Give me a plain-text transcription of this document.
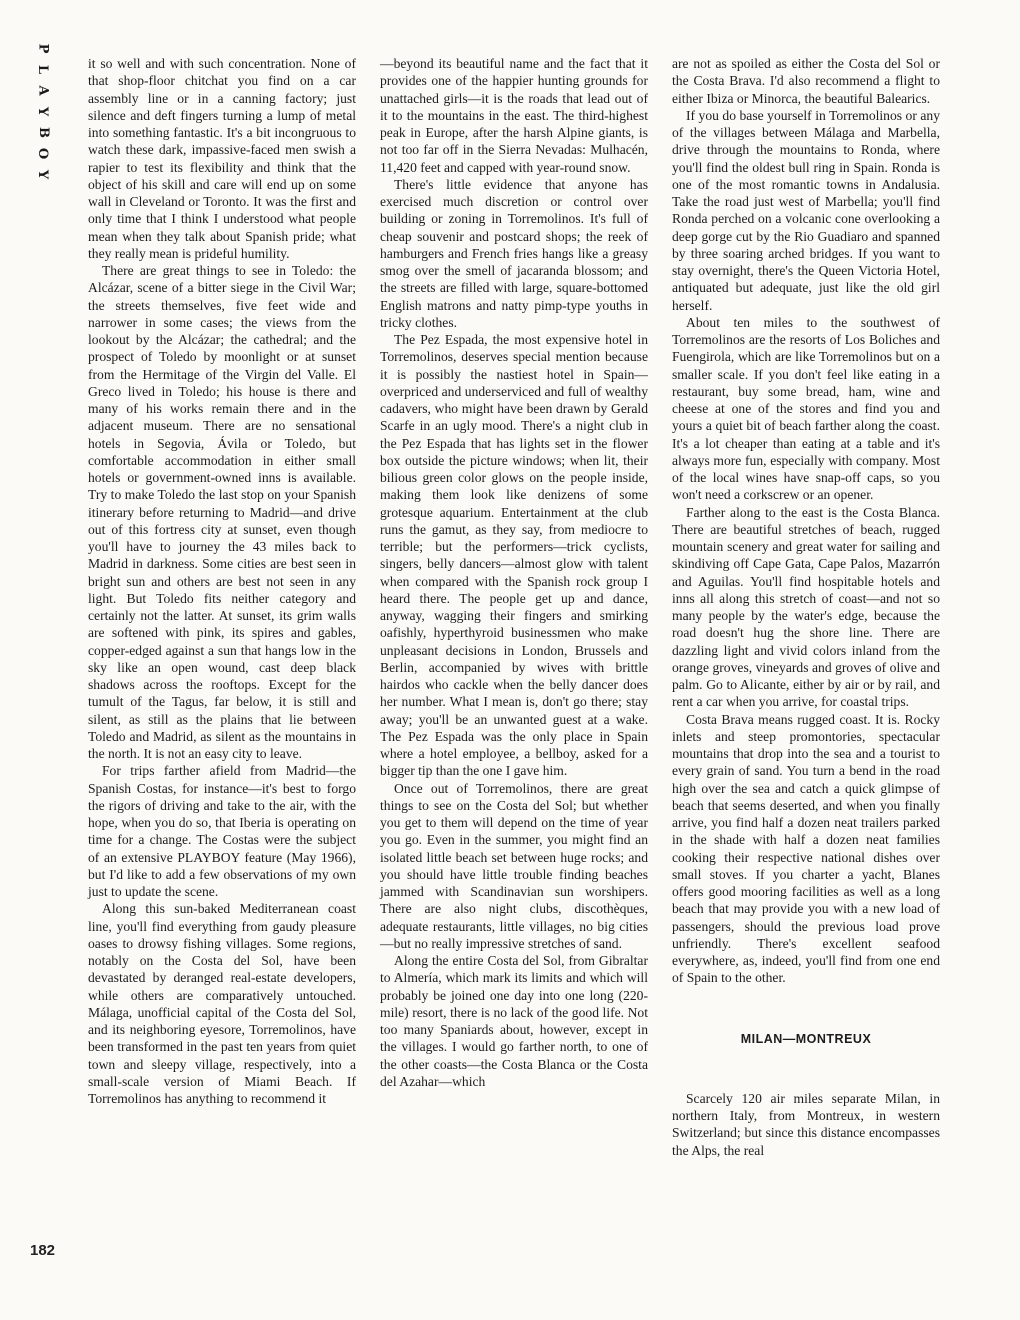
P
L
A
Y
B
O
Y
182

it so well and with such concentration. None of that shop-floor chitchat you find on a car assembly line or in a canning factory; just silence and deft fingers turning a lump of metal into something fantastic. It's a bit incongruous to watch these dark, impassive-faced men swish a rapier to test its flexibility and think that the object of his skill and care will end up on some wall in Cleveland or Toronto. It was the first and only time that I think I understood what people mean when they talk about Spanish pride; what they really mean is prideful humility.

There are great things to see in Toledo: the Alcázar, scene of a bitter siege in the Civil War; the streets themselves, five feet wide and narrower in some cases; the views from the lookout by the Alcázar; the cathedral; and the prospect of Toledo by moonlight or at sunset from the Hermitage of the Virgin del Valle. El Greco lived in Toledo; his house is there and many of his works remain there and in the adjacent museum. There are no sensational hotels in Segovia, Ávila or Toledo, but comfortable accommodation in either small hotels or government-owned inns is available. Try to make Toledo the last stop on your Spanish itinerary before returning to Madrid—and drive out of this fortress city at sunset, even though you'll have to journey the 43 miles back to Madrid in darkness. Some cities are best seen in bright sun and others are best not seen in any light. But Toledo fits neither category and certainly not the latter. At sunset, its grim walls are softened with pink, its spires and gables, copper-edged against a sun that hangs low in the sky like an open wound, cast deep black shadows across the rooftops. Except for the tumult of the Tagus, far below, it is still and silent, as still as the plains that lie between Toledo and Madrid, as silent as the mountains in the north. It is not an easy city to leave.

For trips farther afield from Madrid—the Spanish Costas, for instance—it's best to forgo the rigors of driving and take to the air, with the hope, when you do so, that Iberia is operating on time for a change. The Costas were the subject of an extensive PLAYBOY feature (May 1966), but I'd like to add a few observations of my own just to update the scene.

Along this sun-baked Mediterranean coast line, you'll find everything from gaudy pleasure oases to drowsy fishing villages. Some regions, notably on the Costa del Sol, have been devastated by deranged real-estate developers, while others are comparatively untouched. Málaga, unofficial capital of the Costa del Sol, and its neighboring eyesore, Torremolinos, have been transformed in the past ten years from quiet town and sleepy village, respectively, into a small-scale version of Miami Beach. If Torremolinos has anything to recommend it

—beyond its beautiful name and the fact that it provides one of the happier hunting grounds for unattached girls—it is the roads that lead out of it to the mountains in the east. The third-highest peak in Europe, after the harsh Alpine giants, is not too far off in the Sierra Nevadas: Mulhacén, 11,420 feet and capped with year-round snow.

There's little evidence that anyone has exercised much discretion or control over building or zoning in Torremolinos. It's full of cheap souvenir and postcard shops; the reek of hamburgers and French fries hangs like a greasy smog over the smell of jacaranda blossom; and the streets are filled with large, square-bottomed English matrons and natty pimp-type youths in tricky clothes.

The Pez Espada, the most expensive hotel in Torremolinos, deserves special mention because it is possibly the nastiest hotel in Spain—overpriced and underserviced and full of wealthy cadavers, who might have been drawn by Gerald Scarfe in an ugly mood. There's a night club in the Pez Espada that has lights set in the flower box outside the picture windows; when lit, their bilious green color glows on the people inside, making them look like denizens of some grotesque aquarium. Entertainment at the club runs the gamut, as they say, from mediocre to terrible; but the performers—trick cyclists, singers, belly dancers—almost glow with talent when compared with the Spanish rock group I heard there. The people get up and dance, anyway, wagging their fingers and smirking oafishly, hyperthyroid businessmen who make unpleasant decisions in London, Brussels and Berlin, accompanied by wives with brittle hairdos who cackle when the belly dancer does her number. What I mean is, don't go there; stay away; you'll be an unwanted guest at a wake. The Pez Espada was the only place in Spain where a hotel employee, a bellboy, asked for a bigger tip than the one I gave him.

Once out of Torremolinos, there are great things to see on the Costa del Sol; but whether you get to them will depend on the time of year you go. Even in the summer, you might find an isolated little beach set between huge rocks; and you should have little trouble finding beaches jammed with Scandinavian sun worshipers. There are also night clubs, discothèques, adequate restaurants, little villages, no big cities—but no really impressive stretches of sand.

Along the entire Costa del Sol, from Gibraltar to Almería, which mark its limits and which will probably be joined one day into one long (220-mile) resort, there is no lack of the good life. Not too many Spaniards about, however, except in the villages. I would go farther north, to one of the other coasts—the Costa Blanca or the Costa del Azahar—which

are not as spoiled as either the Costa del Sol or the Costa Brava. I'd also recommend a flight to either Ibiza or Minorca, the beautiful Balearics.

If you do base yourself in Torremolinos or any of the villages between Málaga and Marbella, drive through the mountains to Ronda, where you'll find the oldest bull ring in Spain. Ronda is one of the most romantic towns in Andalusia. Take the road just west of Marbella; you'll find Ronda perched on a volcanic cone overlooking a deep gorge cut by the Rio Guadiaro and spanned by three soaring arched bridges. If you want to stay overnight, there's the Queen Victoria Hotel, antiquated but adequate, just like the old girl herself.

About ten miles to the southwest of Torremolinos are the resorts of Los Boliches and Fuengirola, which are like Torremolinos but on a smaller scale. If you don't feel like eating in a restaurant, buy some bread, ham, wine and cheese at one of the stores and find you and yours a quiet bit of beach farther along the coast. It's a lot cheaper than eating at a table and it's always more fun, especially with company. Most of the local wines have snap-off caps, so you won't need a corkscrew or an opener.

Farther along to the east is the Costa Blanca. There are beautiful stretches of beach, rugged mountain scenery and great water for sailing and skindiving off Cape Gata, Cape Palos, Mazarrón and Aguilas. You'll find hospitable hotels and inns all along this stretch of coast—and not so many people by the water's edge, because the road doesn't hug the shore line. There are dazzling light and vivid colors inland from the orange groves, vineyards and groves of olive and palm. Go to Alicante, either by air or by rail, and rent a car when you arrive, for coastal trips.

Costa Brava means rugged coast. It is. Rocky inlets and steep promontories, spectacular mountains that drop into the sea and a tourist to every grain of sand. You turn a bend in the road high over the sea and catch a quick glimpse of beach that seems deserted, and when you finally arrive, you find half a dozen neat trailers parked in the shade with half a dozen neat families cooking their respective national dishes over small stoves. If you charter a yacht, Blanes offers good mooring facilities as well as a long beach that may provide you with a new load of passengers, should the previous load prove unfriendly. There's excellent seafood everywhere, as, indeed, you'll find from one end of Spain to the other.

MILAN—MONTREUX

Scarcely 120 air miles separate Milan, in northern Italy, from Montreux, in western Switzerland; but since this distance encompasses the Alps, the real
